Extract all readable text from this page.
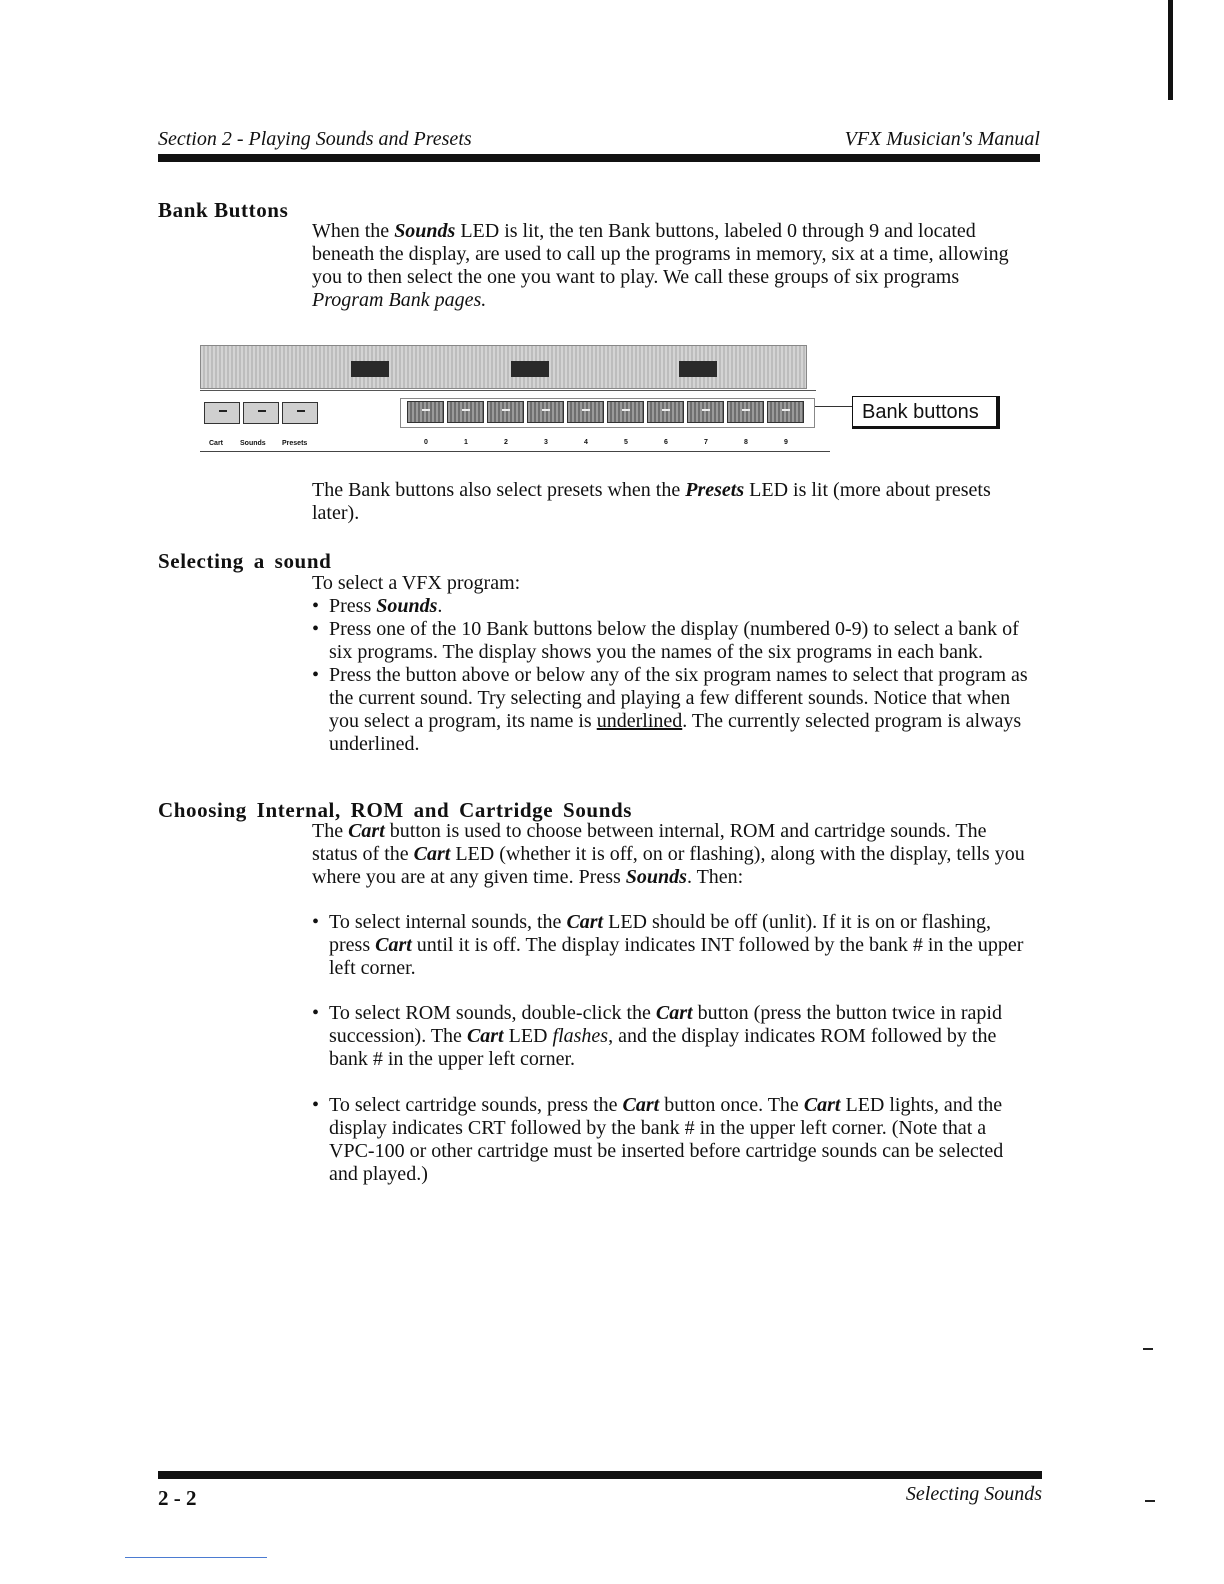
Section 2 - Playing Sounds and Presets	VFX Musician's Manual
Bank Buttons
When the Sounds LED is lit, the ten Bank buttons, labeled 0 through 9 and located beneath the display, are used to call up the programs in memory, six at a time, allowing you to then select the one you want to play. We call these groups of six programs Program Bank pages.
Cart Sounds Presets	0	1	2	3	4	5	6	7	8	9
Bank buttons
The Bank buttons also select presets when the Presets LED is lit (more about presets later).
Selecting a sound
To select a VFX program:
• Press Sounds.
• Press one of the 10 Bank buttons below the display (numbered 0-9) to select a bank of six programs. The display shows you the names of the six programs in each bank.
• Press the button above or below any of the six program names to select that program as the current sound. Try selecting and playing a few different sounds. Notice that when you select a program, its name is underlined. The currently selected program is always underlined.
Choosing Internal, ROM and Cartridge Sounds
The Cart button is used to choose between internal, ROM and cartridge sounds. The status of the Cart LED (whether it is off, on or flashing), along with the display, tells you where you are at any given time. Press Sounds. Then:
• To select internal sounds, the Cart LED should be off (unlit). If it is on or flashing, press Cart until it is off. The display indicates INT followed by the bank # in the upper left corner.
• To select ROM sounds, double-click the Cart button (press the button twice in rapid succession). The Cart LED flashes, and the display indicates ROM followed by the bank # in the upper left corner.
• To select cartridge sounds, press the Cart button once. The Cart LED lights, and the display indicates CRT followed by the bank # in the upper left corner. (Note that a VPC-100 or other cartridge must be inserted before cartridge sounds can be selected and played.)
2 - 2	Selecting Sounds
